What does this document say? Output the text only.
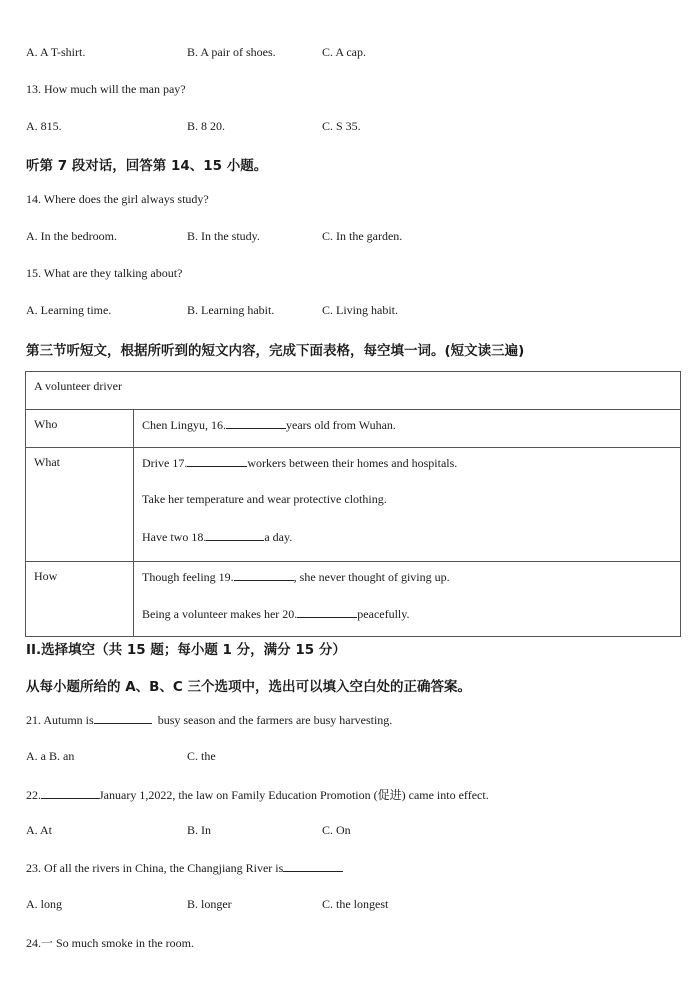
A. A T-shirt.	B. A pair of shoes.	C. A cap.
13. How much will the man pay?
A. 815.	B. 8 20.	C. S 35.
听第 7 段对话，回答第 14、15 小题。
14. Where does the girl always study?
A. In the bedroom.	B. In the study.	C. In the garden.
15. What are they talking about?
A. Learning time.	B. Learning habit.	C. Living habit.
第三节听短文，根据所听到的短文内容，完成下面表格，每空填一词。(短文读三遍)
A volunteer driver	

Who	Chen Lingyu, 16. years old from Wuhan.

What	Drive 17. workers between their homes and hospitals.
Take her temperature and wear protective clothing.
Have two 18. a day.

How	Though feeling 19. , she never thought of giving up.
Being a volunteer makes her 20. peacefully.
II.选择填空（共 15 题；每小题 1 分，满分 15 分）
从每小题所给的 A、B、C 三个选项中，选出可以填入空白处的正确答案。
21. Autumn is	busy season and the farmers are busy harvesting.
A. a B. an	C. the
22.	January 1,2022, the law on Family Education Promotion (促进) came into effect.
A. At	B. In	C. On
23. Of all the rivers in China, the Changjiang River is
A. long	B. longer	C. the longest
24.一 So much smoke in the room.
